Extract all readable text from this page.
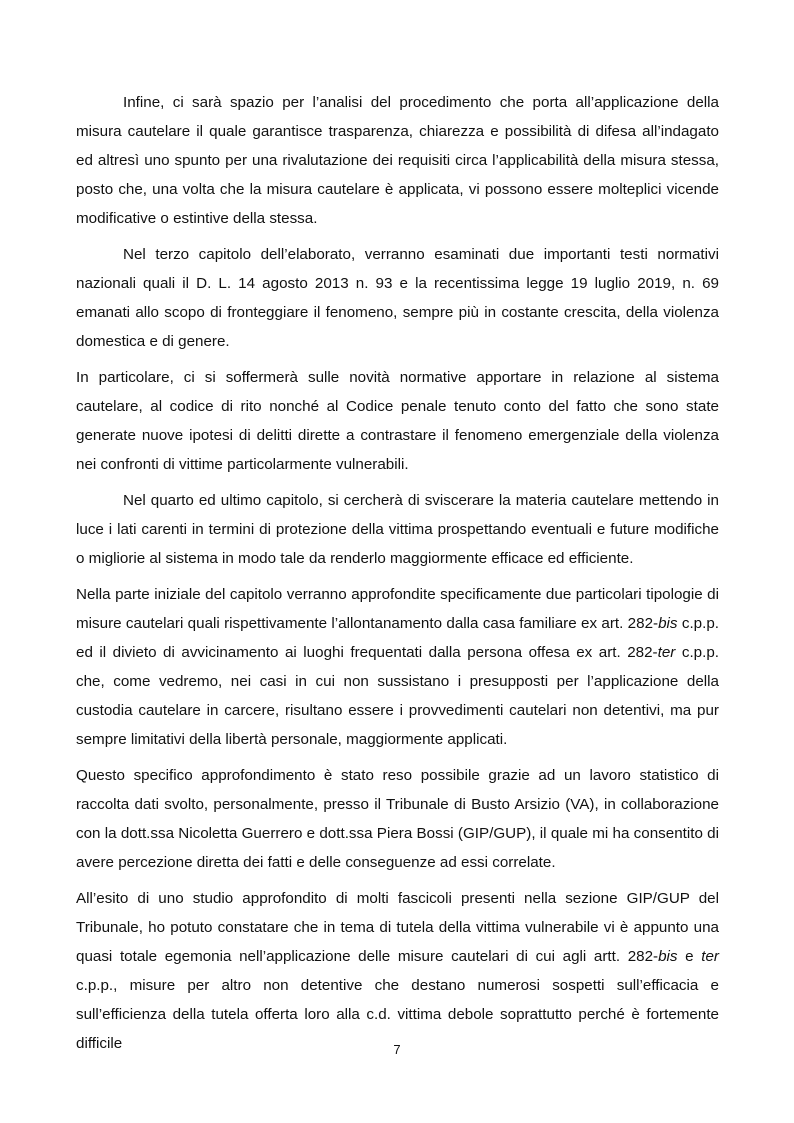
Infine, ci sarà spazio per l’analisi del procedimento che porta all’applicazione della misura cautelare il quale garantisce trasparenza, chiarezza e possibilità di difesa all’indagato ed altresì uno spunto per una rivalutazione dei requisiti circa l’applicabilità della misura stessa, posto che, una volta che la misura cautelare è applicata, vi possono essere molteplici vicende modificative o estintive della stessa.

Nel terzo capitolo dell’elaborato, verranno esaminati due importanti testi normativi nazionali quali il D. L. 14 agosto 2013 n. 93 e la recentissima legge 19 luglio 2019, n. 69 emanati allo scopo di fronteggiare il fenomeno, sempre più in costante crescita, della violenza domestica e di genere.

In particolare, ci si soffermerà sulle novità normative apportare in relazione al sistema cautelare, al codice di rito nonché al Codice penale tenuto conto del fatto che sono state generate nuove ipotesi di delitti dirette a contrastare il fenomeno emergenziale della violenza nei confronti di vittime particolarmente vulnerabili.

Nel quarto ed ultimo capitolo, si cercherà di sviscerare la materia cautelare mettendo in luce i lati carenti in termini di protezione della vittima prospettando eventuali e future modifiche o migliorie al sistema in modo tale da renderlo maggiormente efficace ed efficiente.

Nella parte iniziale del capitolo verranno approfondite specificamente due particolari tipologie di misure cautelari quali rispettivamente l’allontanamento dalla casa familiare ex art. 282-bis c.p.p. ed il divieto di avvicinamento ai luoghi frequentati dalla persona offesa ex art. 282-ter c.p.p. che, come vedremo, nei casi in cui non sussistano i presupposti per l’applicazione della custodia cautelare in carcere, risultano essere i provvedimenti cautelari non detentivi, ma pur sempre limitativi della libertà personale, maggiormente applicati.

Questo specifico approfondimento è stato reso possibile grazie ad un lavoro statistico di raccolta dati svolto, personalmente, presso il Tribunale di Busto Arsizio (VA), in collaborazione con la dott.ssa Nicoletta Guerrero e dott.ssa Piera Bossi (GIP/GUP), il quale mi ha consentito di avere percezione diretta dei fatti e delle conseguenze ad essi correlate.

All’esito di uno studio approfondito di molti fascicoli presenti nella sezione GIP/GUP del Tribunale, ho potuto constatare che in tema di tutela della vittima vulnerabile vi è appunto una quasi totale egemonia nell’applicazione delle misure cautelari di cui agli artt. 282-bis e ter c.p.p., misure per altro non detentive che destano numerosi sospetti sull’efficacia e sull’efficienza della tutela offerta loro alla c.d. vittima debole soprattutto perché è fortemente difficile	7
